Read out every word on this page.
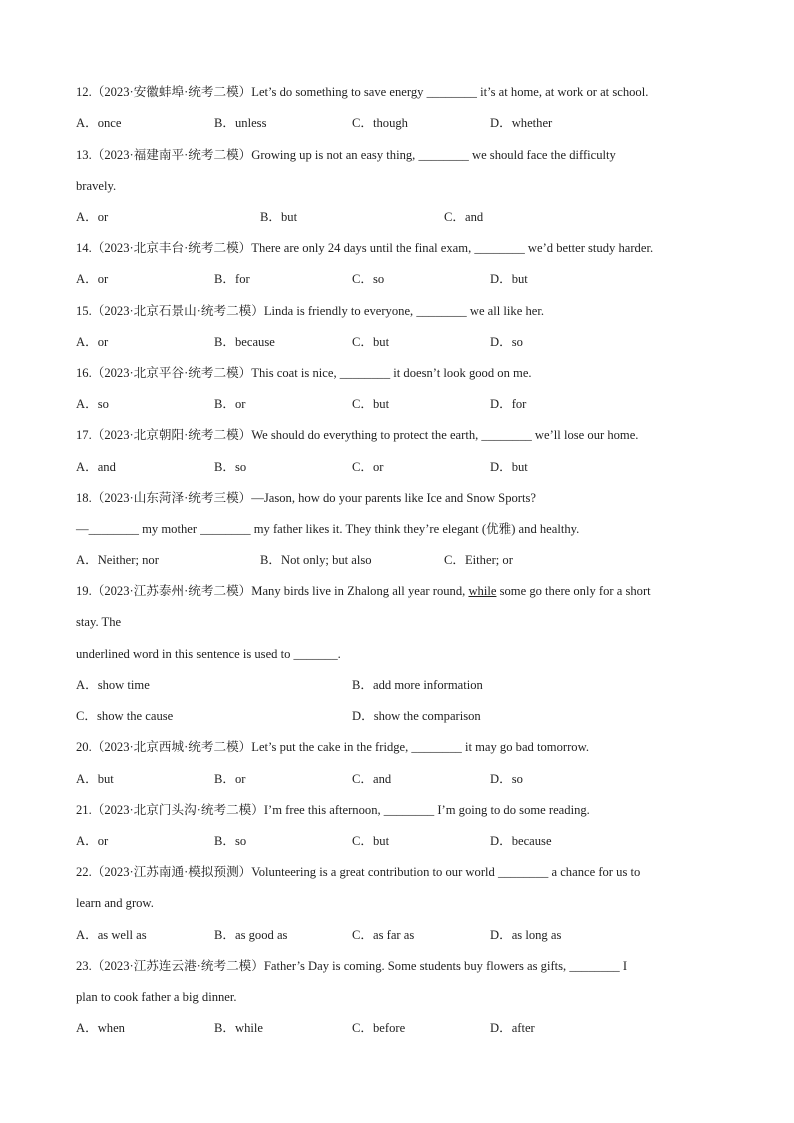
12.（2023·安徽蚌埠·统考二模）Let’s do something to save energy ________ it’s at home, at work or at school.
A．once	B．unless	C．though	D．whether
13.（2023·福建南平·统考二模）Growing up is not an easy thing, ________ we should face the difficulty
bravely.
A．or	B．but	C．and
14.（2023·北京丰台·统考二模）There are only 24 days until the final exam, ________ we’d better study harder.
A．or	B．for	C．so	D．but
15.（2023·北京石景山·统考二模）Linda is friendly to everyone, ________ we all like her.
A．or	B．because	C．but	D．so
16.（2023·北京平谷·统考二模）This coat is nice, ________ it doesn’t look good on me.
A．so	B．or	C．but	D．for
17.（2023·北京朝阳·统考二模）We should do everything to protect the earth, ________ we’ll lose our home.
A．and	B．so	C．or	D．but
18.（2023·山东菏泽·统考三模）—Jason, how do your parents like Ice and Snow Sports?
—________ my mother ________ my father likes it. They think they’re elegant (优雅) and healthy.
A．Neither; nor	B．Not only; but also	C．Either; or
19.（2023·江苏泰州·统考二模）Many birds live in Zhalong all year round, while some go there only for a short
stay. The
underlined word in this sentence is used to _______.
A．show time	B．add more information
C．show the cause	D．show the comparison
20.（2023·北京西城·统考二模）Let’s put the cake in the fridge, ________ it may go bad tomorrow.
A．but	B．or	C．and	D．so
21.（2023·北京门头沟·统考二模）I’m free this afternoon, ________ I’m going to do some reading.
A．or	B．so	C．but	D．because
22.（2023·江苏南通·模拟预测）Volunteering is a great contribution to our world ________ a chance for us to
learn and grow.
A．as well as	B．as good as	C．as far as	D．as long as
23.（2023·江苏连云港·统考二模）Father’s Day is coming. Some students buy flowers as gifts, ________ I
plan to cook father a big dinner.
A．when	B．while	C．before	D．after
